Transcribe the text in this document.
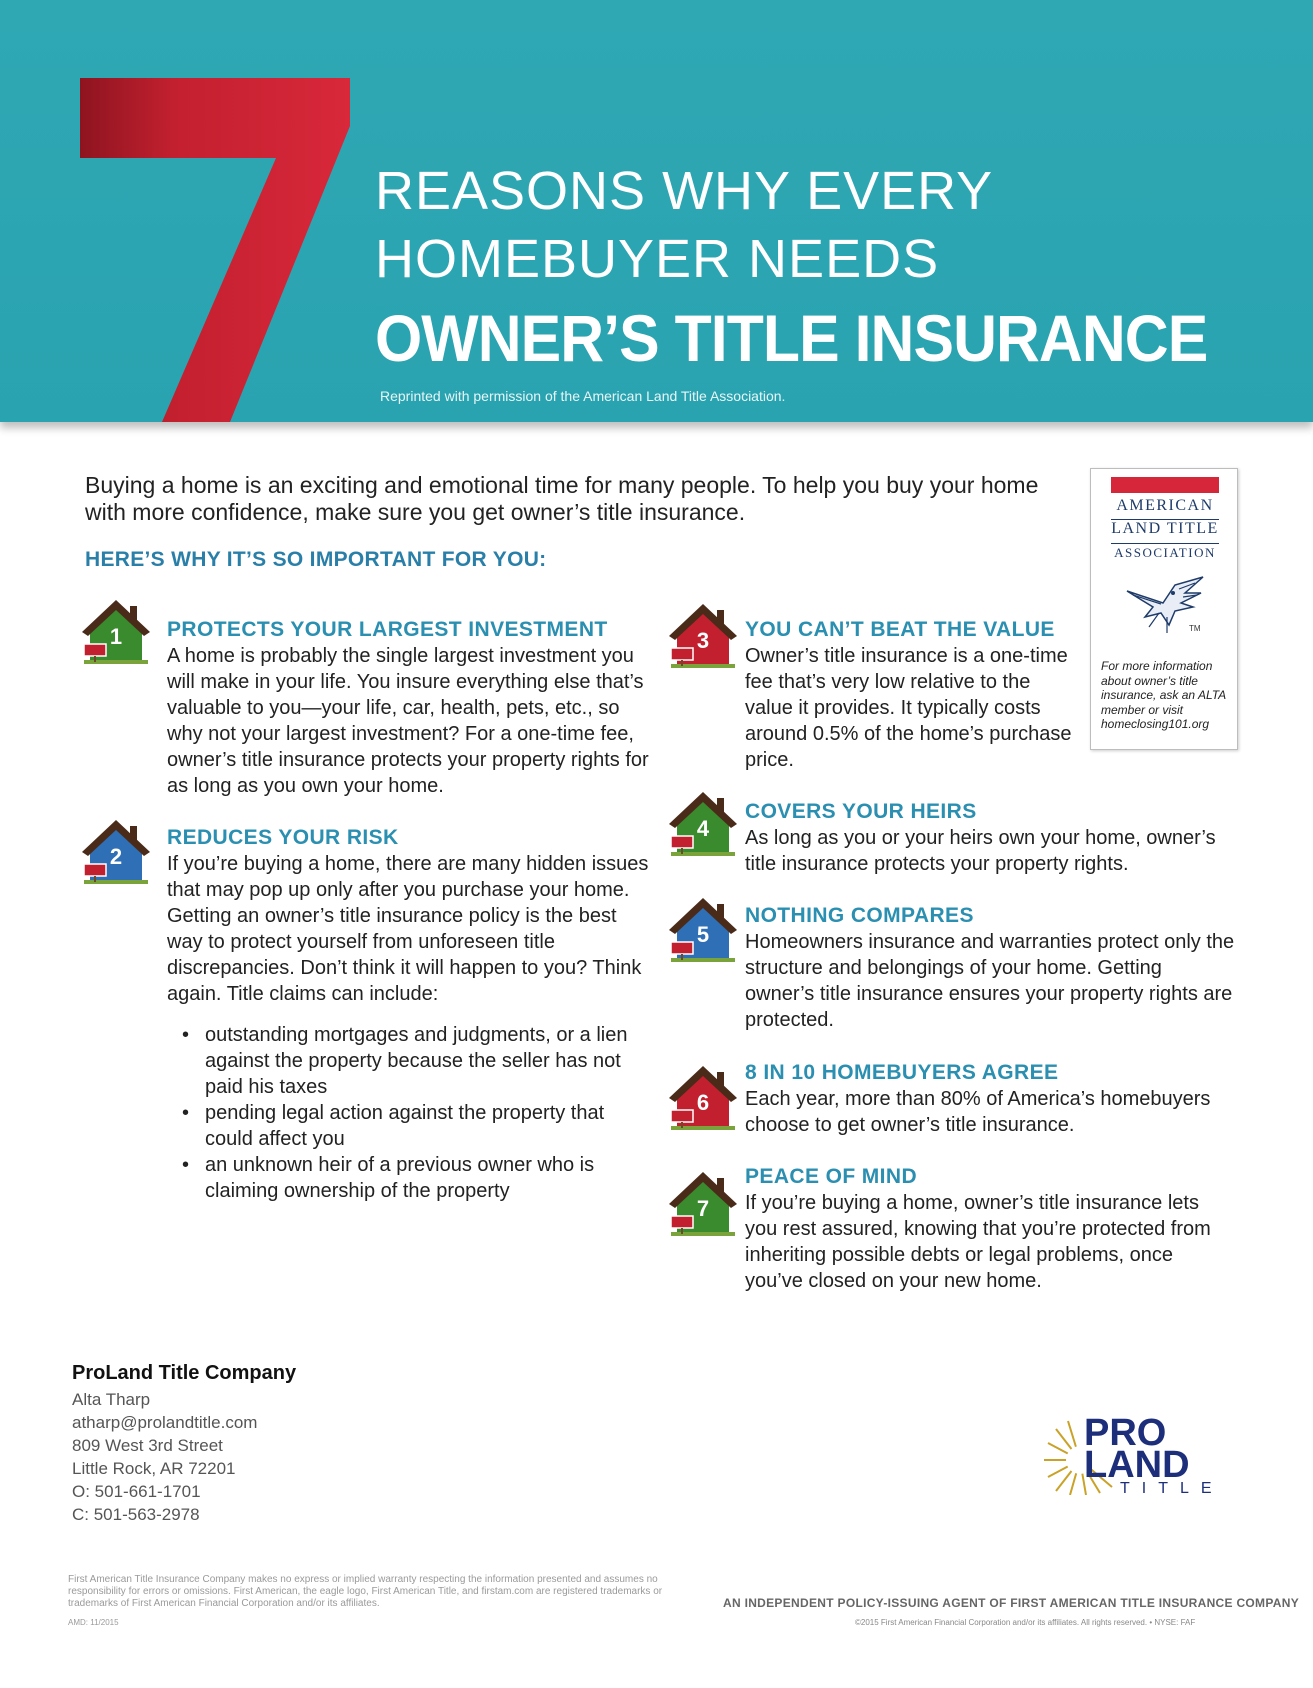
REASONS WHY EVERY
HOMEBUYER NEEDS
OWNER’S TITLE INSURANCE
Reprinted with permission of the American Land Title Association.
Buying a home is an exciting and emotional time for many people. To help you buy your home with more confidence, make sure you get owner’s title insurance.
HERE’S WHY IT’S SO IMPORTANT FOR YOU:
AMERICAN
LAND TITLE
ASSOCIATION
TM
For more information about owner’s title insurance, ask an ALTA member or visit homeclosing101.org
1 PROTECTS YOUR LARGEST INVESTMENT
A home is probably the single largest investment you will make in your life. You insure everything else that’s valuable to you—your life, car, health, pets, etc., so why not your largest investment? For a one-time fee, owner’s title insurance protects your property rights for as long as you own your home.
2
REDUCES YOUR RISK
If you’re buying a home, there are many hidden issues that may pop up only after you purchase your home. Getting an owner’s title insurance policy is the best way to protect yourself from unforeseen title discrepancies. Don’t think it will happen to you? Think again. Title claims can include:
• outstanding mortgages and judgments, or a lien against the property because the seller has not paid his taxes
• pending legal action against the property that could affect you
• an unknown heir of a previous owner who is claiming ownership of the property
3 YOU CAN’T BEAT THE VALUE
Owner’s title insurance is a one-time fee that’s very low relative to the value it provides. It typically costs around 0.5% of the home’s purchase price.
4
COVERS YOUR HEIRS
As long as you or your heirs own your home, owner’s title insurance protects your property rights.
5
NOTHING COMPARES
Homeowners insurance and warranties protect only the structure and belongings of your home. Getting owner’s title insurance ensures your property rights are protected.
6
8 IN 10 HOMEBUYERS AGREE
Each year, more than 80% of America’s homebuyers choose to get owner’s title insurance.
7
PEACE OF MIND
If you’re buying a home, owner’s title insurance lets you rest assured, knowing that you’re protected from inheriting possible debts or legal problems, once you’ve closed on your new home.
ProLand Title Company
Alta Tharp
atharp@prolandtitle.com
809 West 3rd Street
Little Rock, AR 72201
O: 501-661-1701
C: 501-563-2978
PRO
LAND
TITLE
First American Title Insurance Company makes no express or implied warranty respecting the information presented and assumes no responsibility for errors or omissions. First American, the eagle logo, First American Title, and firstam.com are registered trademarks or trademarks of First American Financial Corporation and/or its affiliates.
AMD: 11/2015
AN INDEPENDENT POLICY-ISSUING AGENT OF FIRST AMERICAN TITLE INSURANCE COMPANY
©2015 First American Financial Corporation and/or its affiliates. All rights reserved. • NYSE: FAF
